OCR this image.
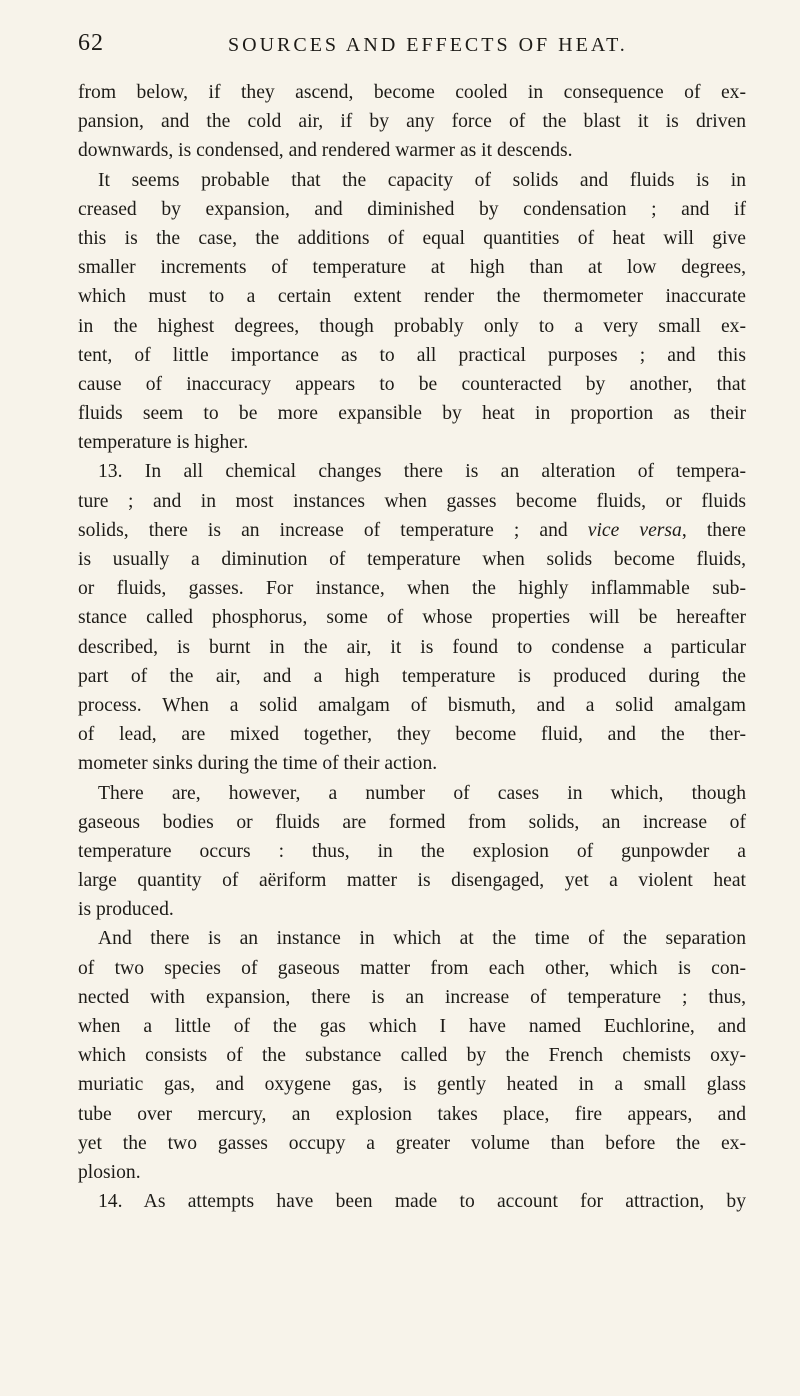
62	SOURCES AND EFFECTS OF HEAT.
from below, if they ascend, become cooled in consequence of ex-
pansion, and the cold air, if by any force of the blast it is driven
downwards, is condensed, and rendered warmer as it descends.
It seems probable that the capacity of solids and fluids is in
creased by expansion, and diminished by condensation ; and if
this is the case, the additions of equal quantities of heat will give
smaller increments of temperature at high than at low degrees,
which must to a certain extent render the thermometer inaccurate
in the highest degrees, though probably only to a very small ex-
tent, of little importance as to all practical purposes ; and this
cause of inaccuracy appears to be counteracted by another, that
fluids seem to be more expansible by heat in proportion as their
temperature is higher.
13. In all chemical changes there is an alteration of tempera-
ture ; and in most instances when gasses become fluids, or fluids
solids, there is an increase of temperature ; and vice versa, there
is usually a diminution of temperature when solids become fluids,
or fluids, gasses. For instance, when the highly inflammable sub-
stance called phosphorus, some of whose properties will be hereafter
described, is burnt in the air, it is found to condense a particular
part of the air, and a high temperature is produced during the
process. When a solid amalgam of bismuth, and a solid amalgam
of lead, are mixed together, they become fluid, and the ther-
mometer sinks during the time of their action.
There are, however, a number of cases in which, though
gaseous bodies or fluids are formed from solids, an increase of
temperature occurs : thus, in the explosion of gunpowder a
large quantity of aëriform matter is disengaged, yet a violent heat
is produced.
And there is an instance in which at the time of the separation
of two species of gaseous matter from each other, which is con-
nected with expansion, there is an increase of temperature ; thus,
when a little of the gas which I have named Euchlorine, and
which consists of the substance called by the French chemists oxy-
muriatic gas, and oxygene gas, is gently heated in a small glass
tube over mercury, an explosion takes place, fire appears, and
yet the two gasses occupy a greater volume than before the ex-
plosion.
14. As attempts have been made to account for attraction, by
